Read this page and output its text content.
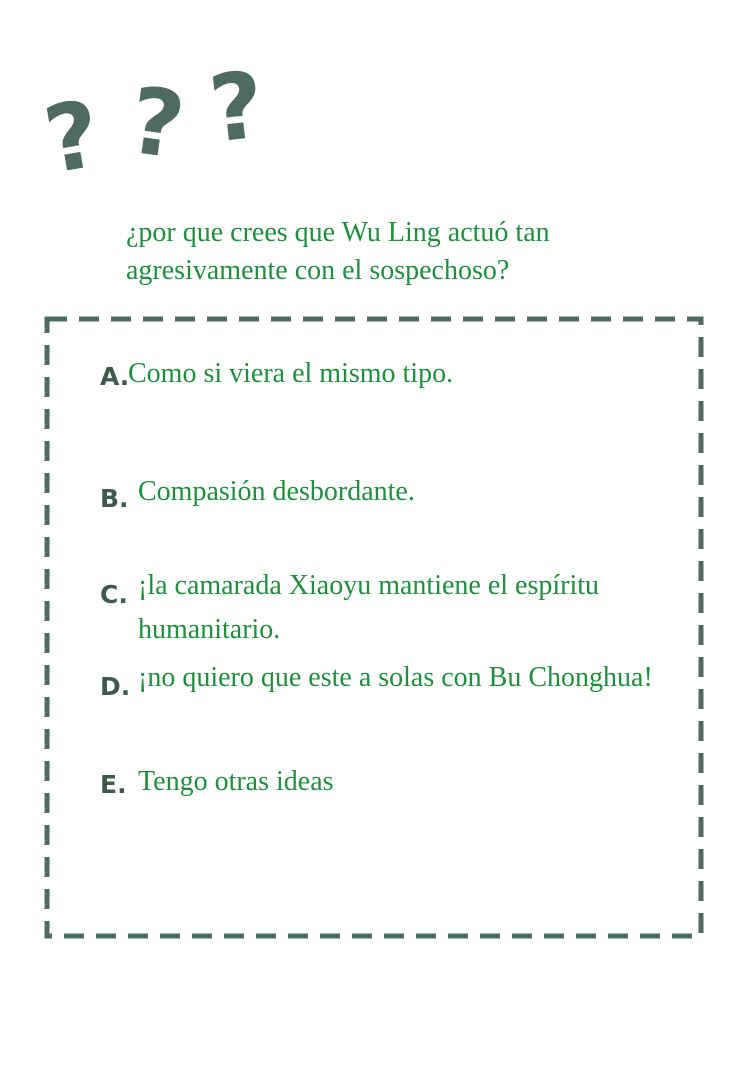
? ? ?
¿por que crees que Wu Ling actuó tan agresivamente con el sospechoso?
A.
Como si viera el mismo tipo.
B. Compasión desbordante.
C. ¡la camarada Xiaoyu mantiene el espíritu humanitario.
D. ¡no quiero que este a solas con Bu Chonghua!
E. Tengo otras ideas
